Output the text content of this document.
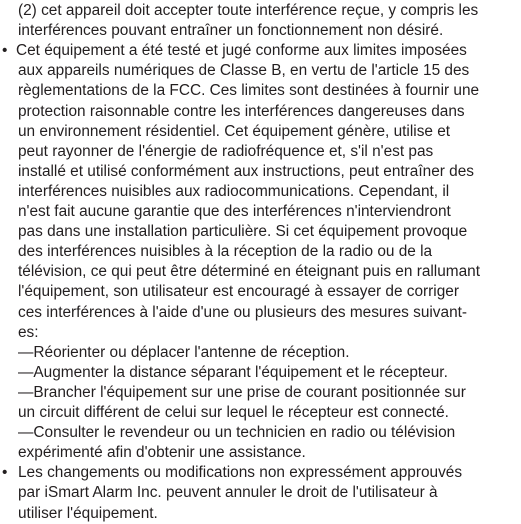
(2) cet appareil doit accepter toute interférence reçue, y compris les
interférences pouvant entraîner un fonctionnement non désiré.
• Cet équipement a été testé et jugé conforme aux limites imposées
aux appareils numériques de Classe B, en vertu de l'article 15 des
règlementations de la FCC. Ces limites sont destinées à fournir une
protection raisonnable contre les interférences dangereuses dans
un environnement résidentiel. Cet équipement génère, utilise et
peut rayonner de l'énergie de radiofréquence et, s'il n'est pas
installé et utilisé conformément aux instructions, peut entraîner des
interférences nuisibles aux radiocommunications. Cependant, il
n'est fait aucune garantie que des interférences n'interviendront
pas dans une installation particulière. Si cet équipement provoque
des interférences nuisibles à la réception de la radio ou de la
télévision, ce qui peut être déterminé en éteignant puis en rallumant
l'équipement, son utilisateur est encouragé à essayer de corriger
ces interférences à l'aide d'une ou plusieurs des mesures suivant-
es:
—Réorienter ou déplacer l'antenne de réception.
—Augmenter la distance séparant l'équipement et le récepteur.
—Brancher l'équipement sur une prise de courant positionnée sur
un circuit différent de celui sur lequel le récepteur est connecté.
—Consulter le revendeur ou un technicien en radio ou télévision
expérimenté afin d'obtenir une assistance.
• Les changements ou modifications non expressément approuvés
par iSmart Alarm Inc. peuvent annuler le droit de l'utilisateur à
utiliser l'équipement.
